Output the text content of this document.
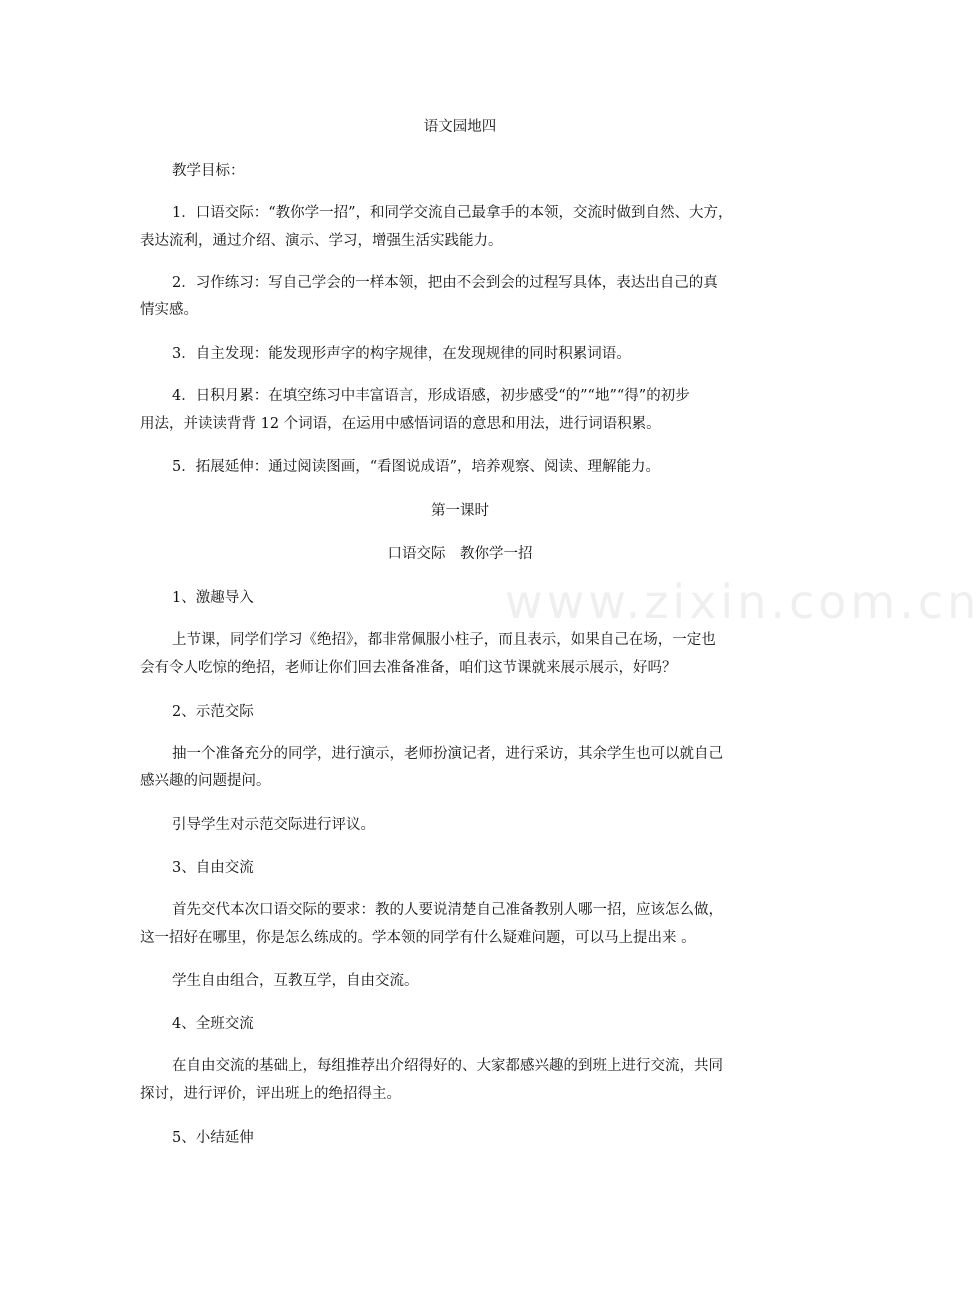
www.zixin.com.cn
语文园地四
教学目标：
1．口语交际：“教你学一招”，和同学交流自己最拿手的本领，交流时做到自然、大方，
表达流利，通过介绍、演示、学习，增强生活实践能力。
2．习作练习：写自己学会的一样本领，把由不会到会的过程写具体，表达出自己的真
情实感。
3．自主发现：能发现形声字的构字规律，在发现规律的同时积累词语。
4．日积月累：在填空练习中丰富语言，形成语感，初步感受“的”“地”“得”的初步
用法，并读读背背 12 个词语，在运用中感悟词语的意思和用法，进行词语积累。
5．拓展延伸：通过阅读图画，“看图说成语”，培养观察、阅读、理解能力。
第一课时
口语交际　教你学一招
1、激趣导入
上节课，同学们学习《绝招》，都非常佩服小柱子，而且表示，如果自己在场，一定也
会有令人吃惊的绝招，老师让你们回去准备准备，咱们这节课就来展示展示，好吗？
2、示范交际
抽一个准备充分的同学，进行演示，老师扮演记者，进行采访，其余学生也可以就自己
感兴趣的问题提问。
引导学生对示范交际进行评议。
3、自由交流
首先交代本次口语交际的要求：教的人要说清楚自己准备教别人哪一招，应该怎么做，
这一招好在哪里，你是怎么练成的。学本领的同学有什么疑难问题，可以马上提出来 。
学生自由组合，互教互学，自由交流。
4、全班交流
在自由交流的基础上，每组推荐出介绍得好的、大家都感兴趣的到班上进行交流，共同
探讨，进行评价，评出班上的绝招得主。
5、小结延伸
